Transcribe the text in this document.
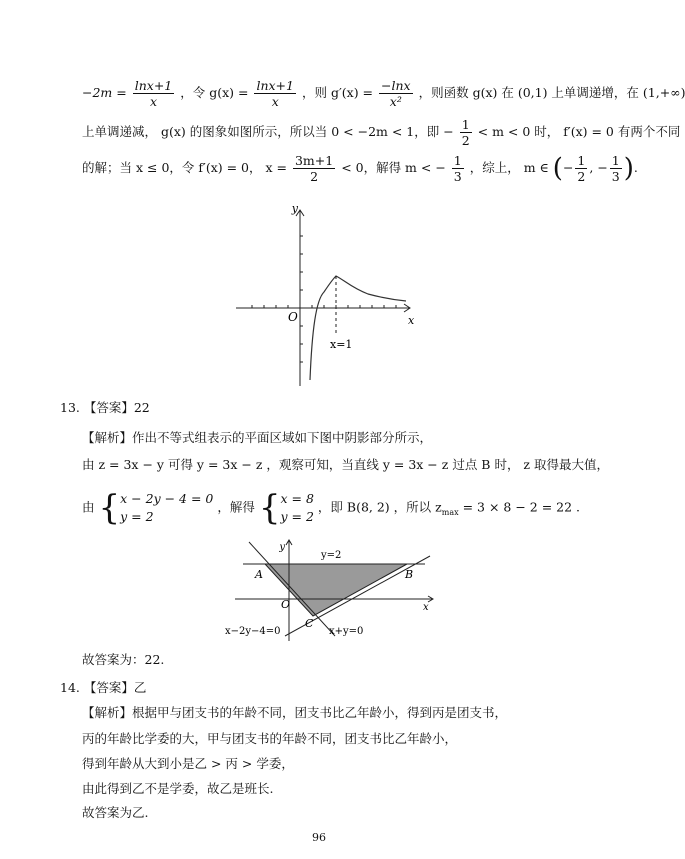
$-2m = \frac{\ln x+1}{x}$ ，令 $g(x) = \frac{\ln x+1}{x}$ ，则 $g'(x) = \frac{-\ln x}{\text{x²}}$ ，则函数 g(x) 在 (0,1) 上单调递增，在 (1,+∞)
上单调递减， g(x) 的图象如图所示，所以当 0 < −2m < 1，即 − $\frac{1}{2} < m < 0$ 时， f′(x) = 0 有两个不同
的解；当 x ≤ 0，令 f′(x) = 0， $x = \frac{3m+1}{2} < 0$，解得 m < − $\frac{1}{3}$ ，综上， m ∈ (− $\frac{1}{2}$ , − $\frac{1}{3}$ ).
y
x
O
x=1
13. 【答案】22
【解析】作出不等式组表示的平面区域如下图中阴影部分所示，
由 z = 3x − y 可得 y = 3x − z ，观察可知，当直线 y = 3x − z 过点 B 时， z 取得最大值，
由 { x − 2y − 4 = 0
y = 2
，解得 { x = 8
y = 2
，即 B(8, 2) ，所以 $z_{max} = 3 \times 8 - 2 = 22$ .
y
x
y=2
A	B
O
C
x−2y−4=0	x+y=0
故答案为：22.
14. 【答案】乙
【解析】根据甲与团支书的年龄不同，团支书比乙年龄小，得到丙是团支书，
丙的年龄比学委的大，甲与团支书的年龄不同，团支书比乙年龄小，
得到年龄从大到小是乙 > 丙 > 学委，
由此得到乙不是学委，故乙是班长.
故答案为乙.
96
